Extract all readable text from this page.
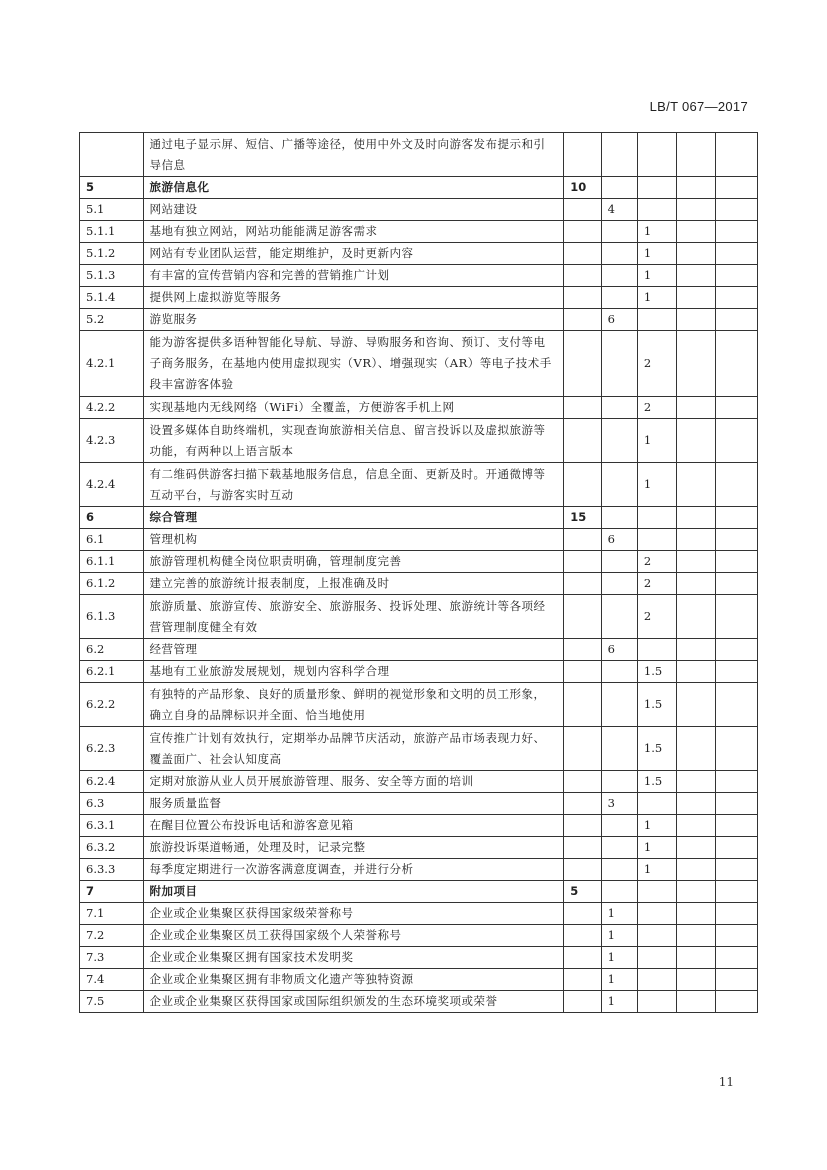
LB/T 067—2017
	通过电子显示屏、短信、广播等途径，使用中外文及时向游客发布提示和引导信息					
5	旅游信息化	10				
5.1	网站建设		4			
5.1.1	基地有独立网站，网站功能能满足游客需求			1		
5.1.2	网站有专业团队运营，能定期维护，及时更新内容			1		
5.1.3	有丰富的宣传营销内容和完善的营销推广计划			1		
5.1.4	提供网上虚拟游览等服务			1		
5.2	游览服务		6			
4.2.1	能为游客提供多语种智能化导航、导游、导购服务和咨询、预订、支付等电子商务服务，在基地内使用虚拟现实（VR）、增强现实（AR）等电子技术手段丰富游客体验			2		
4.2.2	实现基地内无线网络（WiFi）全覆盖，方便游客手机上网			2		
4.2.3	设置多媒体自助终端机，实现查询旅游相关信息、留言投诉以及虚拟旅游等功能，有两种以上语言版本			1		
4.2.4	有二维码供游客扫描下载基地服务信息，信息全面、更新及时。开通微博等互动平台，与游客实时互动			1		
6	综合管理	15				
6.1	管理机构		6			
6.1.1	旅游管理机构健全岗位职责明确，管理制度完善			2		
6.1.2	建立完善的旅游统计报表制度，上报准确及时			2		
6.1.3	旅游质量、旅游宣传、旅游安全、旅游服务、投诉处理、旅游统计等各项经营管理制度健全有效			2		
6.2	经营管理		6			
6.2.1	基地有工业旅游发展规划，规划内容科学合理			1.5		
6.2.2	有独特的产品形象、良好的质量形象、鲜明的视觉形象和文明的员工形象，确立自身的品牌标识并全面、恰当地使用			1.5		
6.2.3	宣传推广计划有效执行，定期举办品牌节庆活动，旅游产品市场表现力好、覆盖面广、社会认知度高			1.5		
6.2.4	定期对旅游从业人员开展旅游管理、服务、安全等方面的培训			1.5		
6.3	服务质量监督		3			
6.3.1	在醒目位置公布投诉电话和游客意见箱			1		
6.3.2	旅游投诉渠道畅通，处理及时，记录完整			1		
6.3.3	每季度定期进行一次游客满意度调查，并进行分析			1		
7	附加项目	5				
7.1	企业或企业集聚区获得国家级荣誉称号		1			
7.2	企业或企业集聚区员工获得国家级个人荣誉称号		1			
7.3	企业或企业集聚区拥有国家技术发明奖		1			
7.4	企业或企业集聚区拥有非物质文化遗产等独特资源		1			
7.5	企业或企业集聚区获得国家或国际组织颁发的生态环境奖项或荣誉		1			
11
